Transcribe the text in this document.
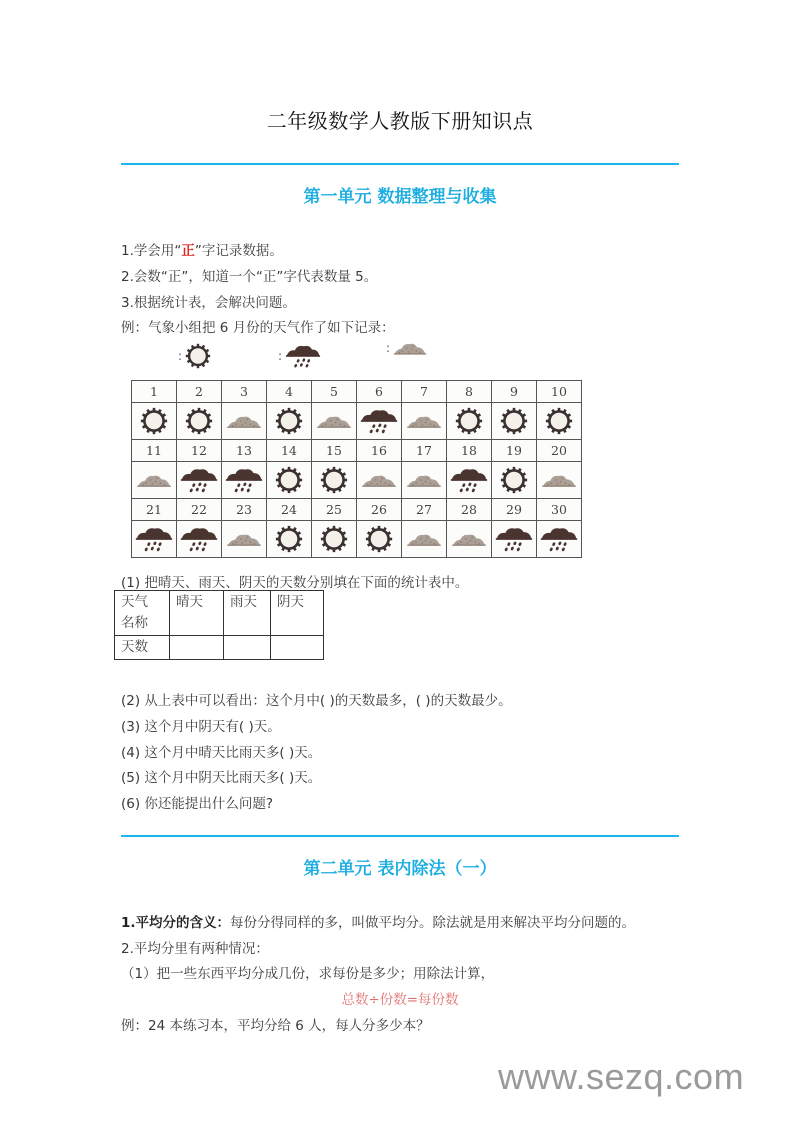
二年级数学人教版下册知识点
第一单元 数据整理与收集
1.学会用“正”字记录数据。
2.会数“正”，知道一个“正”字代表数量 5。
3.根据统计表，会解决问题。
例：气象小组把 6 月份的天气作了如下记录：
:	:
:
1	2	3	4	5	6	7	8	9	10

11	12	13	14	15	16	17	18	19	20

21	22	23	24	25	26	27	28	29	30

(1) 把晴天、雨天、阴天的天数分别填在下面的统计表中。
天气
名称	晴天	雨天	阴天
天数			
(2) 从上表中可以看出：这个月中( )的天数最多，( )的天数最少。
(3) 这个月中阴天有( )天。
(4) 这个月中晴天比雨天多( )天。
(5) 这个月中阴天比雨天多( )天。
(6) 你还能提出什么问题?
第二单元 表内除法（一）
1.平均分的含义：每份分得同样的多，叫做平均分。除法就是用来解决平均分问题的。
2.平均分里有两种情况：
（1）把一些东西平均分成几份，求每份是多少；用除法计算，
总数÷份数=每份数
例：24 本练习本，平均分给 6 人，每人分多少本？
www.sezq.com
